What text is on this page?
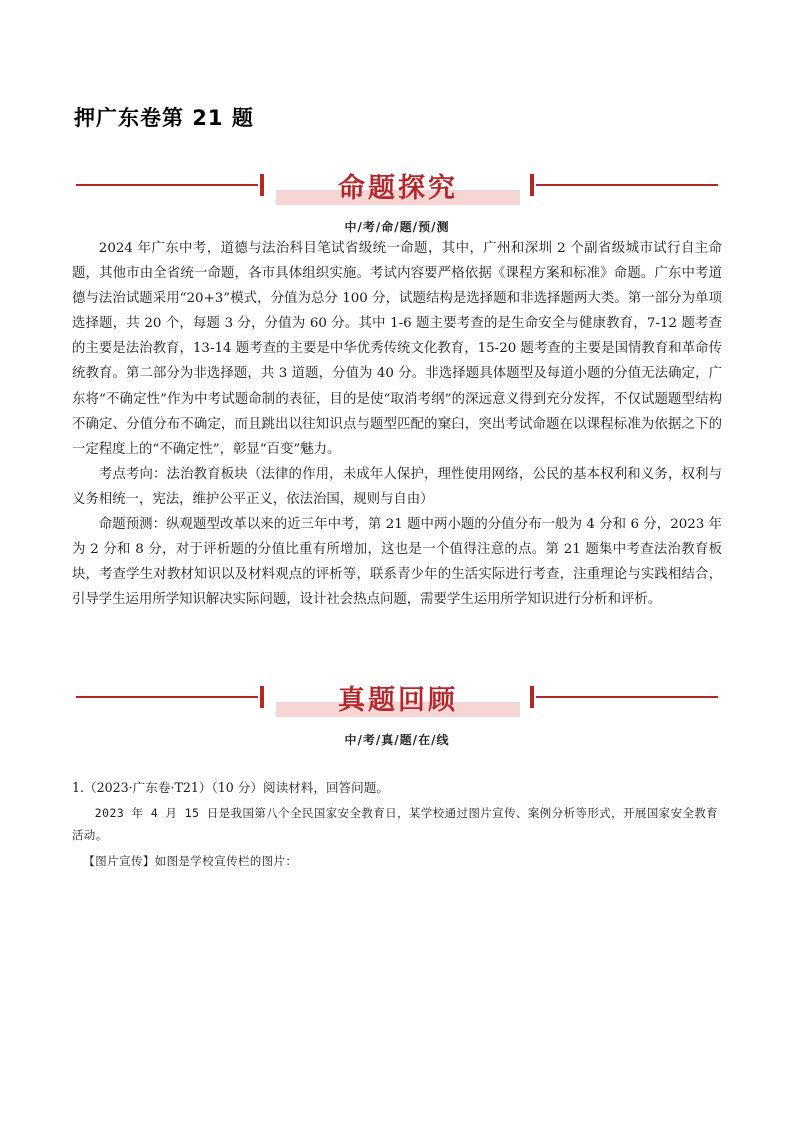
押广东卷第 21 题
命题探究
中/考/命/题/预/测

2024 年广东中考，道德与法治科目笔试省级统一命题，其中，广州和深圳 2 个副省级城市试行自主命题，其他市由全省统一命题，各市具体组织实施。考试内容要严格依据《课程方案和标准》命题。广东中考道德与法治试题采用“20+3”模式，分值为总分 100 分，试题结构是选择题和非选择题两大类。第一部分为单项选择题，共 20 个，每题 3 分，分值为 60 分。其中 1-6 题主要考查的是生命安全与健康教育，7-12 题考查的主要是法治教育，13-14 题考查的主要是中华优秀传统文化教育，15-20 题考查的主要是国情教育和革命传统教育。第二部分为非选择题，共 3 道题，分值为 40 分。非选择题具体题型及每道小题的分值无法确定，广东将“不确定性”作为中考试题命制的表征，目的是使“取消考纲”的深远意义得到充分发挥，不仅试题题型结构不确定、分值分布不确定，而且跳出以往知识点与题型匹配的窠臼，突出考试命题在以课程标准为依据之下的一定程度上的“不确定性”，彰显“百变”魅力。

考点考向：法治教育板块（法律的作用，未成年人保护，理性使用网络，公民的基本权利和义务，权利与义务相统一，宪法，维护公平正义，依法治国，规则与自由）

命题预测：纵观题型改革以来的近三年中考，第 21 题中两小题的分值分布一般为 4 分和 6 分，2023 年为 2 分和 8 分，对于评析题的分值比重有所增加，这也是一个值得注意的点。第 21 题集中考查法治教育板块，考查学生对教材知识以及材料观点的评析等，联系青少年的生活实际进行考查，注重理论与实践相结合，引导学生运用所学知识解决实际问题，设计社会热点问题，需要学生运用所学知识进行分析和评析。

真题回顾
中/考/真/题/在/线

1.（2023·广东卷·T21）（10 分）阅读材料，回答问题。

2023 年 4 月 15 日是我国第八个全民国家安全教育日，某学校通过图片宣传、案例分析等形式，开展国家安全教育活动。

【图片宣传】如图是学校宣传栏的图片：
